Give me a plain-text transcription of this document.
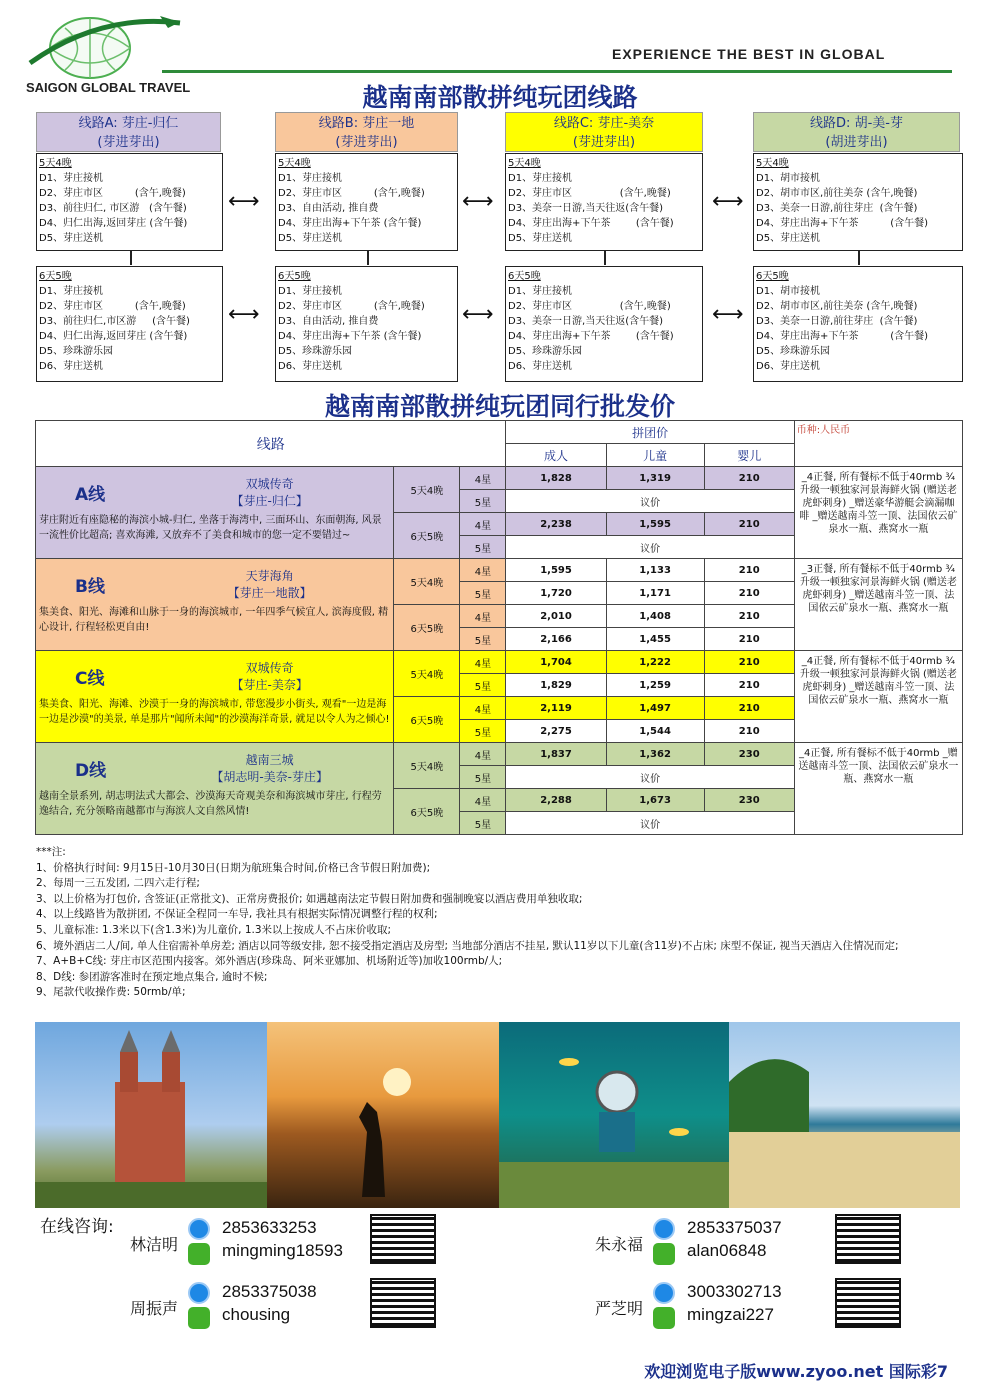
SAIGON GLOBAL TRAVEL
EXPERIENCE THE BEST IN GLOBAL
越南南部散拼纯玩团线路
线路A: 芽庄-归仁
(芽进芽出)
5天4晚
D1、芽庄接机
D2、芽庄市区          (含午,晚餐)
D3、前往归仁, 市区游   (含午餐)
D4、归仁出海,返回芽庄 (含午餐)
D5、芽庄送机
6天5晚
D1、芽庄接机
D2、芽庄市区          (含午,晚餐)
D3、前往归仁,市区游     (含午餐)
D4、归仁出海,返回芽庄 (含午餐)
D5、珍珠游乐园
D6、芽庄送机
线路B: 芽庄一地
(芽进芽出)
5天4晚
D1、芽庄接机
D2、芽庄市区          (含午,晚餐)
D3、自由活动, 推自费
D4、芽庄出海+下午茶 (含午餐)
D5、芽庄送机
6天5晚
D1、芽庄接机
D2、芽庄市区          (含午,晚餐)
D3、自由活动, 推自费
D4、芽庄出海+下午茶 (含午餐)
D5、珍珠游乐园
D6、芽庄送机
线路C: 芽庄-美奈
(芽进芽出)
5天4晚
D1、芽庄接机
D2、芽庄市区               (含午,晚餐)
D3、美奈一日游,当天往返(含午餐)
D4、芽庄出海+下午茶        (含午餐)
D5、芽庄送机
6天5晚
D1、芽庄接机
D2、芽庄市区               (含午,晚餐)
D3、美奈一日游,当天往返(含午餐)
D4、芽庄出海+下午茶        (含午餐)
D5、珍珠游乐园
D6、芽庄送机
线路D: 胡-美-芽
(胡进芽出)
5天4晚
D1、胡市接机
D2、胡市市区,前往美奈 (含午,晚餐)
D3、美奈一日游,前往芽庄  (含午餐)
D4、芽庄出海+下午茶          (含午餐)
D5、芽庄送机
6天5晚
D1、胡市接机
D2、胡市市区,前往美奈 (含午,晚餐)
D3、美奈一日游,前往芽庄  (含午餐)
D4、芽庄出海+下午茶          (含午餐)
D5、珍珠游乐园
D6、芽庄送机
⟷	⟷	⟷
⟷	⟷	⟷
越南南部散拼纯玩团同行批发价
线路			拼团价			币种:人民币
			成人	儿童	婴儿	

A线
双城传奇
【芽庄-归仁】
芽庄附近有座隐秘的海滨小城-归仁, 坐落于海湾中, 三面环山、东面朝海, 风景一流性价比超高; 喜欢海滩, 又放弃不了美食和城市的您一定不要错过~	5天4晚	4星	1,828	1,319	210	_4正餐, 所有餐标不低于40rmb ¾升级一顿独家河景海鲜火锅 (赠送老虎虾刺身) _赠送豪华游艇会滴漏咖啡 _赠送越南斗笠一顶、法国依云矿泉水一瓶、燕窝水一瓶
		5星	议价			
	6天5晚	4星	2,238	1,595	210	
		5星	议价			

B线
天芽海角
【芽庄一地散】
集美食、阳光、海滩和山脉于一身的海滨城市, 一年四季气候宜人, 滨海度假, 精心设计, 行程轻松更自由!	5天4晚	4星	1,595	1,133	210	_3正餐, 所有餐标不低于40rmb ¾升级一顿独家河景海鲜火锅 (赠送老虎虾刺身) _赠送越南斗笠一顶、法国依云矿泉水一瓶、燕窝水一瓶
		5星	1,720	1,171	210	
	6天5晚	4星	2,010	1,408	210	
		5星	2,166	1,455	210	

C线
双城传奇
【芽庄-美奈】
集美食、阳光、海滩、沙漠于一身的海滨城市, 带您漫步小街头, 观看"一边是海一边是沙漠"的美景, 单是那片"闻所未闻"的沙漠海洋奇景, 就足以令人为之倾心!	5天4晚	4星	1,704	1,222	210	_4正餐, 所有餐标不低于40rmb ¾升级一顿独家河景海鲜火锅 (赠送老虎虾刺身) _赠送越南斗笠一顶、法国依云矿泉水一瓶、燕窝水一瓶
		5星	1,829	1,259	210	
	6天5晚	4星	2,119	1,497	210	
		5星	2,275	1,544	210	

D线
越南三城
【胡志明-美奈-芽庄】
越南全景系列, 胡志明法式大都会、沙漠海天奇观美奈和海滨城市芽庄, 行程劳逸结合, 充分领略南越都市与海滨人文自然风情!	5天4晚	4星	1,837	1,362	230	_4正餐, 所有餐标不低于40rmb _赠送越南斗笠一顶、法国依云矿泉水一瓶、燕窝水一瓶
		5星	议价			
	6天5晚	4星	2,288	1,673	230	
		5星	议价			
***注:
1、价格执行时间: 9月15日-10月30日(日期为航班集合时间,价格已含节假日附加费);
2、每周一三五发团, 二四六走行程;
3、以上价格为打包价, 含签证(正常批文)、正常房费报价; 如遇越南法定节假日附加费和强制晚宴以酒店费用单独收取;
4、以上线路皆为散拼团, 不保证全程同一车导, 我社具有根据实际情况调整行程的权利;
5、儿童标准: 1.3米以下(含1.3米)为儿童价, 1.3米以上按成人不占床价收取;
6、境外酒店二人/间, 单人住宿需补单房差; 酒店以同等级安排, 恕不接受指定酒店及房型; 当地部分酒店不挂星, 默认11岁以下儿童(含11岁)不占床; 床型不保证, 视当天酒店入住情况而定;
7、A+B+C线: 芽庄市区范围内接客。郊外酒店(珍珠岛、阿米亚娜加、机场附近等)加收100rmb/人;
8、D线: 参团游客准时在预定地点集合, 逾时不候;
9、尾款代收操作费: 50rmb/单;
在线咨询:
林洁明
2853633253
mingming18593	朱永福
2853375037
alan06848
周振声
2853375038
chousing	严芝明
3003302713
mingzai227
欢迎浏览电子版www.zyoo.net 国际彩7
